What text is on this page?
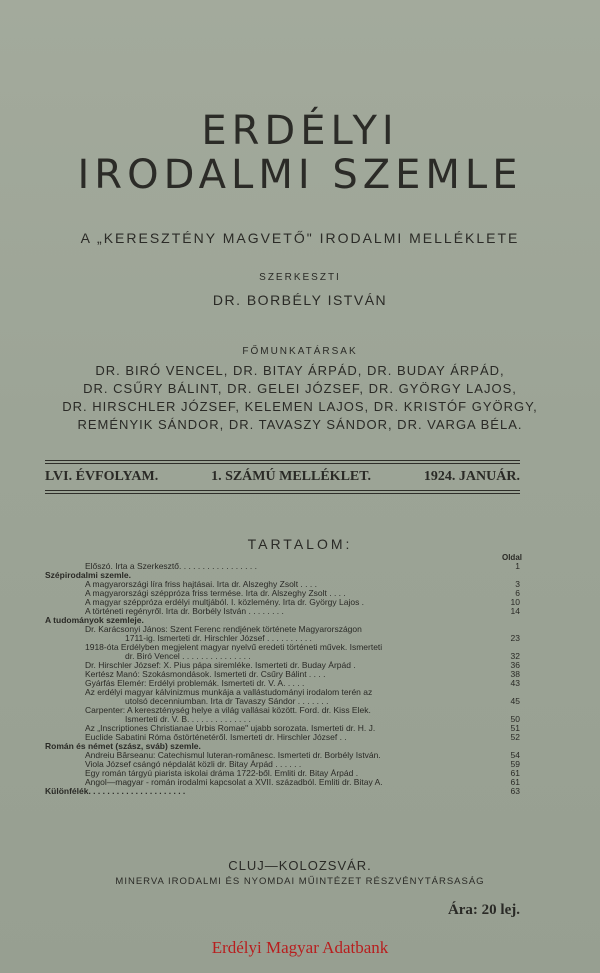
ERDÉLYI
IRODALMI SZEMLE
A „KERESZTÉNY MAGVETŐ" IRODALMI MELLÉKLETE
SZERKESZTI
DR. BORBÉLY ISTVÁN
FŐMUNKATÁRSAK
DR. BIRÓ VENCEL, DR. BITAY ÁRPÁD, DR. BUDAY ÁRPÁD,
DR. CSŰRY BÁLINT, DR. GELEI JÓZSEF, DR. GYÖRGY LAJOS,
DR. HIRSCHLER JÓZSEF, KELEMEN LAJOS, DR. KRISTÓF GYÖRGY,
REMÉNYIK SÁNDOR, DR. TAVASZY SÁNDOR, DR. VARGA BÉLA.
LVI. ÉVFOLYAM.	1. SZÁMÚ MELLÉKLET.	1924. JANUÁR.
TARTALOM:
Oldal
Előszó. Irta a Szerkesztő. . . . . . . . . . . . . . . . .	1
Szépirodalmi szemle.
A magyarországi líra friss hajtásai. Irta dr. Alszeghy Zsolt . . . .	3
A magyarországi széppróza friss termése. Irta dr. Alszeghy Zsolt . . . .	6
A magyar széppróza erdélyi multjából. I. közlemény. Irta dr. György Lajos .	10
A történeti regényről. Irta dr. Borbély István . . . . . . . .	14
A tudományok szemleje.
Dr. Karácsonyi János: Szent Ferenc rendjének története Magyarországon
1711-ig. Ismerteti dr. Hirschler József . . . . . . . . . .	23
1918-óta Erdélyben megjelent magyar nyelvű eredeti történeti művek. Ismerteti
dr. Biró Vencel . . . . . . . . . . . . . . .	32
Dr. Hirschler József: X. Pius pápa siremléke. Ismerteti dr. Buday Árpád .	36
Kertész Manó: Szokásmondások. Ismerteti dr. Csűry Bálint . . . .	38
Gyárfás Elemér: Erdélyi problemák. Ismerteti dr. V. A. . . . .	43
Az erdélyi magyar kálvinizmus munkája a vallástudományi irodalom terén az
utolsó decenniumban. Irta dr Tavaszy Sándor . . . . . . .	45
Carpenter: A kereszténység helye a világ vallásai között. Ford. dr. Kiss Elek.
Ismerteti dr. V. B. . . . . . . . . . . . . .	50
Az „Inscriptiones Christianae Urbis Romae" ujabb sorozata. Ismerteti dr. H. J.	51
Euclide Sabatini Róma őstörténetéről. Ismerteti dr. Hirschler József . .	52
Román és német (szász, sváb) szemle.
Andreiu Bârseanu: Catechismul luteran-românesc. Ismerteti dr. Borbély István.	54
Viola József csángó népdalát közli dr. Bitay Árpád . . . . . .	59
Egy román tárgyú piarista iskolai dráma 1722-ből. Emliti dr. Bitay Árpád .	61
Angol—magyar - román irodalmi kapcsolat a XVII. századból. Emliti dr. Bitay A.	61
Különfélék. . . . . . . . . . . . . . . . . . . . .	63
CLUJ—KOLOZSVÁR.
MINERVA IRODALMI ÉS NYOMDAI MŰINTÉZET RÉSZVÉNYTÁRSASÁG
Ára: 20 lej.
Erdélyi Magyar Adatbank
